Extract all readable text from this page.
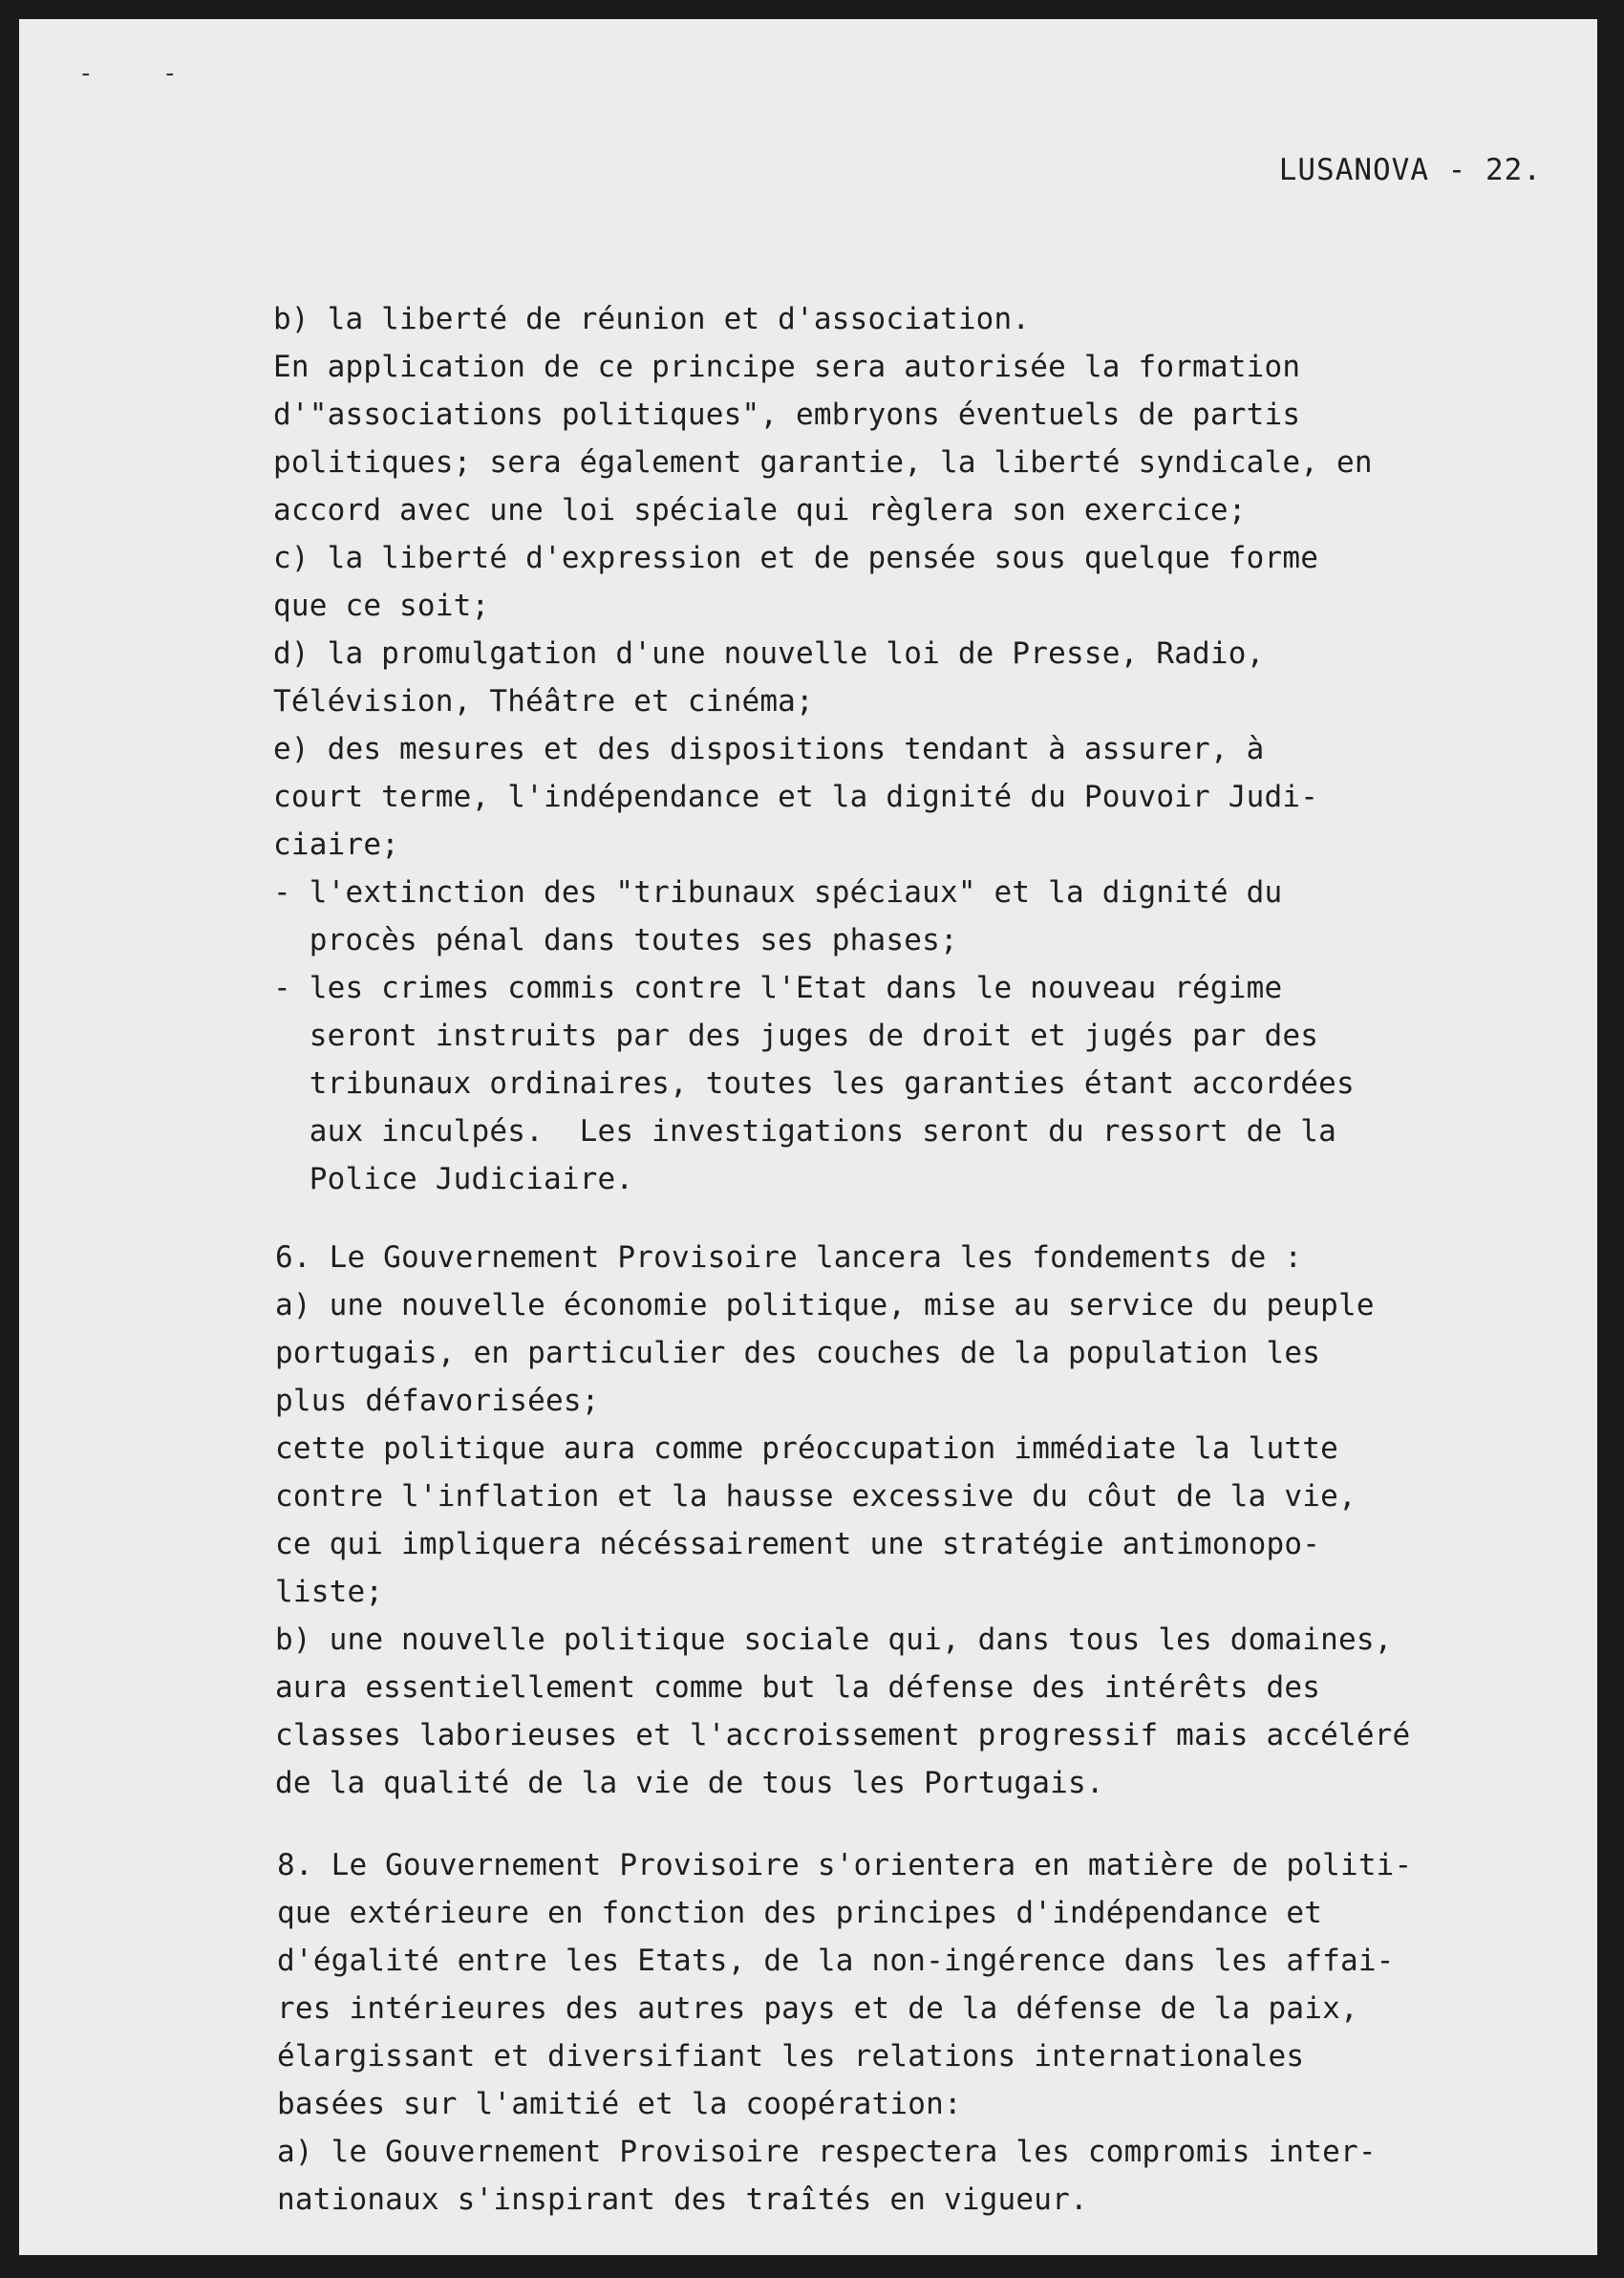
-	-
LUSANOVA - 22.
b) la liberté de réunion et d'association.
En application de ce principe sera autorisée la formation
d'"associations politiques", embryons éventuels de partis
politiques; sera également garantie, la liberté syndicale, en
accord avec une loi spéciale qui règlera son exercice;
c) la liberté d'expression et de pensée sous quelque forme
que ce soit;
d) la promulgation d'une nouvelle loi de Presse, Radio,
Télévision, Théâtre et cinéma;
e) des mesures et des dispositions tendant à assurer, à
court terme, l'indépendance et la dignité du Pouvoir Judi-
ciaire;
- l'extinction des "tribunaux spéciaux" et la dignité du
procès pénal dans toutes ses phases;
- les crimes commis contre l'Etat dans le nouveau régime
seront instruits par des juges de droit et jugés par des
tribunaux ordinaires, toutes les garanties étant accordées
aux inculpés.  Les investigations seront du ressort de la
Police Judiciaire.
6. Le Gouvernement Provisoire lancera les fondements de :
a) une nouvelle économie politique, mise au service du peuple
portugais, en particulier des couches de la population les
plus défavorisées;
cette politique aura comme préoccupation immédiate la lutte
contre l'inflation et la hausse excessive du côut de la vie,
ce qui impliquera nécéssairement une stratégie antimonopo-
liste;
b) une nouvelle politique sociale qui, dans tous les domaines,
aura essentiellement comme but la défense des intérêts des
classes laborieuses et l'accroissement progressif mais accéléré
de la qualité de la vie de tous les Portugais.
8. Le Gouvernement Provisoire s'orientera en matière de politi-
que extérieure en fonction des principes d'indépendance et
d'égalité entre les Etats, de la non-ingérence dans les affai-
res intérieures des autres pays et de la défense de la paix,
élargissant et diversifiant les relations internationales
basées sur l'amitié et la coopération:
a) le Gouvernement Provisoire respectera les compromis inter-
nationaux s'inspirant des traîtés en vigueur.
